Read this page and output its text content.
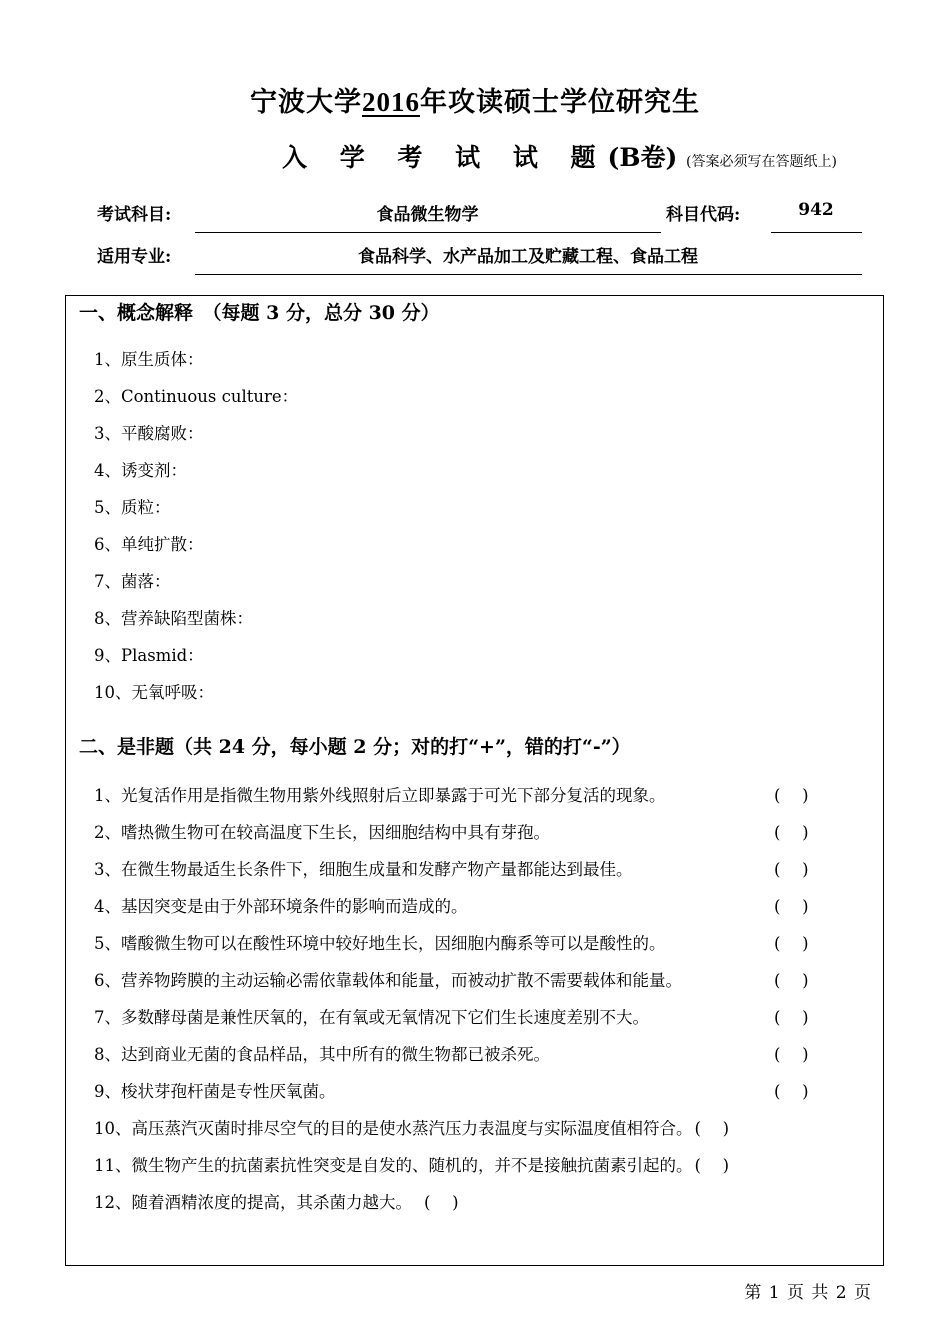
宁波大学2016年攻读硕士学位研究生
入 学 考 试 试 题(B卷) (答案必须写在答题纸上)
考试科目:	食品微生物学	科目代码:	942
适用专业:	食品科学、水产品加工及贮藏工程、食品工程
一、概念解释　（每题 3 分，总分 30 分）
1、原生质体：
2、Continuous culture：
3、平酸腐败：
4、诱变剂：
5、质粒：
6、单纯扩散：
7、菌落：
8、营养缺陷型菌株：
9、Plasmid：
10、无氧呼吸：
二、是非题（共 24 分，每小题 2 分；对的打“+”，错的打“-”）
1、光复活作用是指微生物用紫外线照射后立即暴露于可光下部分复活的现象。	(　 )
2、嗜热微生物可在较高温度下生长，因细胞结构中具有芽孢。	(　 )
3、在微生物最适生长条件下，细胞生成量和发酵产物产量都能达到最佳。	(　 )
4、基因突变是由于外部环境条件的影响而造成的。	(　 )
5、嗜酸微生物可以在酸性环境中较好地生长，因细胞内酶系等可以是酸性的。	(　 )
6、营养物跨膜的主动运输必需依靠载体和能量，而被动扩散不需要载体和能量。	(　 )
7、多数酵母菌是兼性厌氧的，在有氧或无氧情况下它们生长速度差别不大。	(　 )
8、达到商业无菌的食品样品，其中所有的微生物都已被杀死。	(　 )
9、梭状芽孢杆菌是专性厌氧菌。	(　 )
10、高压蒸汽灭菌时排尽空气的目的是使水蒸汽压力表温度与实际温度值相符合。 (　 )
11、微生物产生的抗菌素抗性突变是自发的、随机的，并不是接触抗菌素引起的。 (　 )
12、随着酒精浓度的提高，其杀菌力越大。 (　 )
第 1 页 共 2 页
